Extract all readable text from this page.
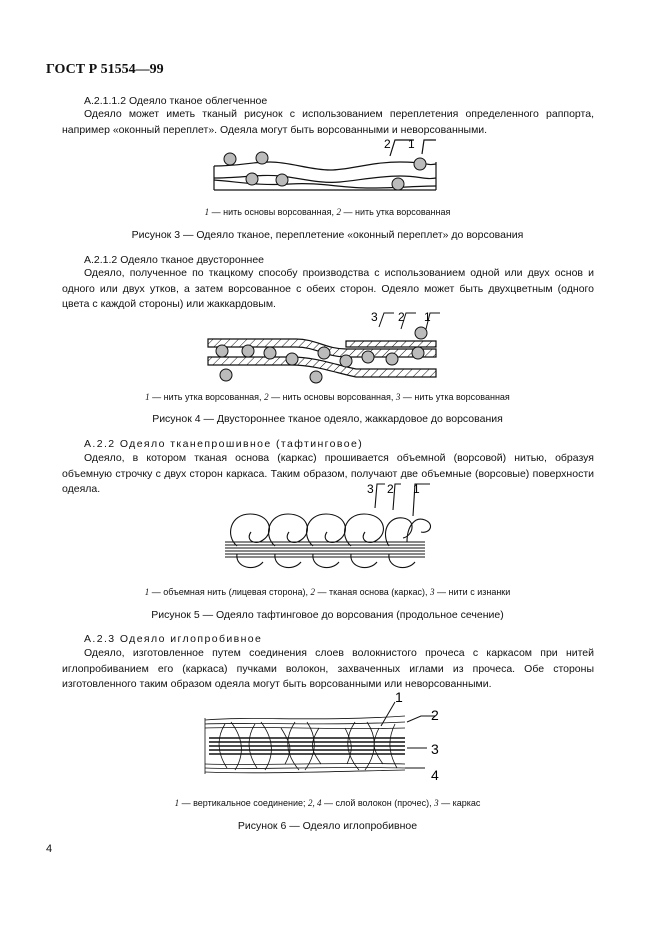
ГОСТ Р 51554—99
А.2.1.1.2 Одеяло тканое облегченное
Одеяло может иметь тканый рисунок с использованием переплетения определенного раппорта, например «оконный переплет». Одеяла могут быть ворсованными и неворсованными.
2 1
1 — нить основы ворсованная, 2 — нить утка ворсованная
Рисунок 3 — Одеяло тканое, переплетение «оконный переплет» до ворсования
А.2.1.2 Одеяло тканое двустороннее
Одеяло, полученное по ткацкому способу производства с использованием одной или двух основ и одного или двух утков, а затем ворсованное с обеих сторон. Одеяло может быть двухцветным (одного цвета с каждой стороны) или жаккардовым.
3 2 1
1 — нить утка ворсованная, 2 — нить основы ворсованная, 3 — нить утка ворсованная
Рисунок 4 — Двустороннее тканое одеяло, жаккардовое до ворсования
А.2.2 Одеяло тканепрошивное (тафтинговое)
Одеяло, в котором тканая основа (каркас) прошивается объемной (ворсовой) нитью, образуя объемную строчку с двух сторон каркаса. Таким образом, получают две объемные (ворсовые) поверхности одеяла.	3 2 1
1 — объемная нить (лицевая сторона), 2 — тканая основа (каркас), 3 — нити с изнанки
Рисунок 5 — Одеяло тафтинговое до ворсования (продольное сечение)
А.2.3 Одеяло иглопробивное
Одеяло, изготовленное путем соединения слоев волокнистого прочеса с каркасом при нитей иглопробиванием его (каркаса) пучками волокон, захваченных иглами из прочеса. Обе стороны изготовленного таким образом одеяла могут быть ворсованными или неворсованными.
1
2
3
4
1 — вертикальное соединение; 2, 4 — слой волокон (прочес), 3 — каркас
Рисунок 6 — Одеяло иглопробивное
4
